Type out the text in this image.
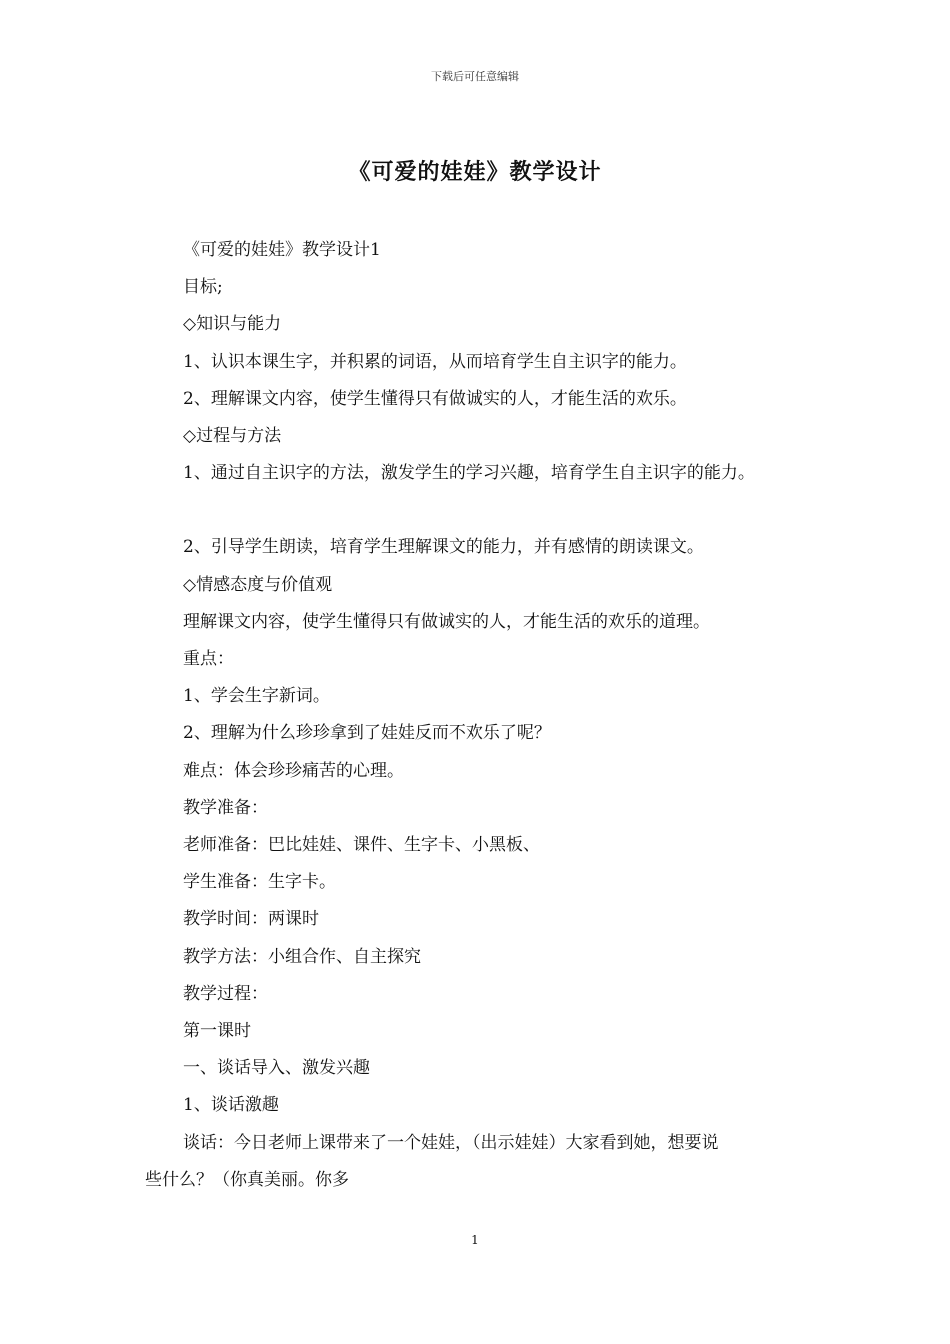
下载后可任意编辑
《可爱的娃娃》教学设计

《可爱的娃娃》教学设计1

目标;

◇知识与能力

1、认识本课生字，并积累的词语，从而培育学生自主识字的能力。

2、理解课文内容，使学生懂得只有做诚实的人，才能生活的欢乐。

◇过程与方法

1、通过自主识字的方法，激发学生的学习兴趣，培育学生自主识字的能力。

2、引导学生朗读，培育学生理解课文的能力，并有感情的朗读课文。

◇情感态度与价值观

理解课文内容，使学生懂得只有做诚实的人，才能生活的欢乐的道理。

重点：

1、学会生字新词。

2、理解为什么珍珍拿到了娃娃反而不欢乐了呢？

难点：体会珍珍痛苦的心理。

教学准备：

老师准备：巴比娃娃、课件、生字卡、小黑板、

学生准备：生字卡。

教学时间：两课时

教学方法：小组合作、自主探究

教学过程：

第一课时

一、谈话导入、激发兴趣

1、谈话激趣

谈话：今日老师上课带来了一个娃娃，（出示娃娃）大家看到她，想要说

些什么？（你真美丽。你多

1
